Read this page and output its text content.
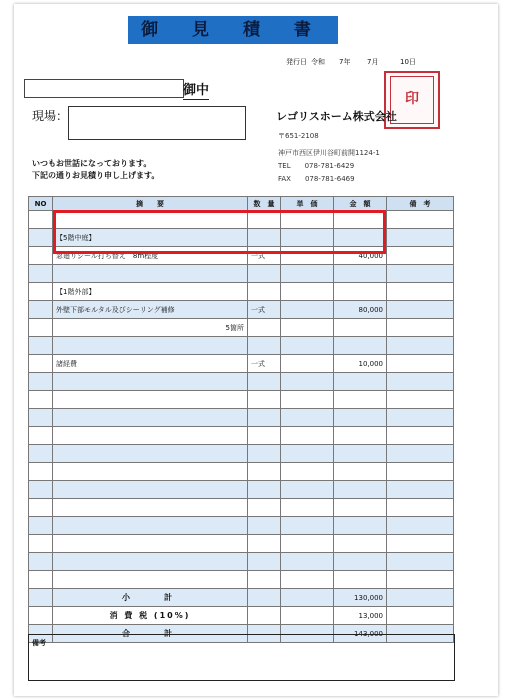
御 見 積 書
発行日 令和 7年 7月	10日
御中
現場：
印
レゴリスホーム株式会社
〒651-2108
神戸市西区伊川谷町前開1124-1
TEL　　078-781-6429
FAX　　078-781-6469
いつもお世話になっております。
下記の通りお見積り申し上げます。
NO	摘　　要	数　量	単　価	金　額	備　考

	【5階中庭】				
	窓廻りシール打ち替え　8m程度	一式		40,000	

	【1階外部】				
	外壁下部モルタル及びシーリング補修	一式		80,000	
	5箇所				

	諸経費	一式		10,000	

	小　　計			130,000	
	消 費 税 (10%)			13,000	
	合　　計			143,000	
備考
